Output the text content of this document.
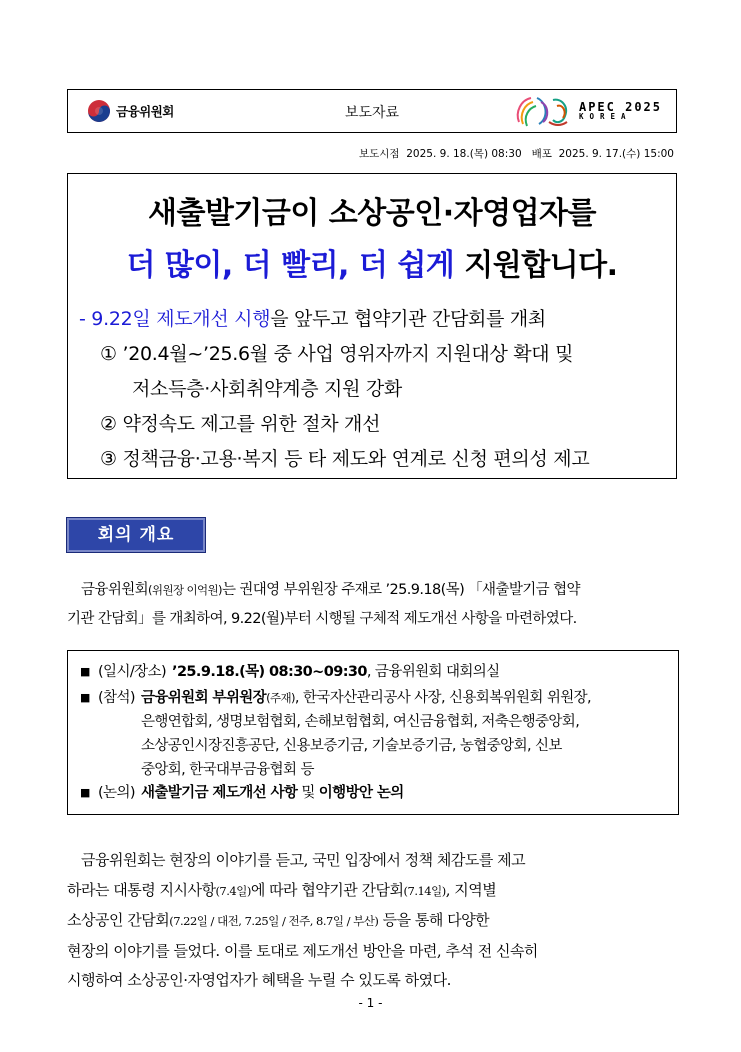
금융위원회	보도자료	APEC 2025
KOREA
보도시점  2025. 9. 18.(목) 08:30   배포  2025. 9. 17.(수) 15:00
새출발기금이 소상공인·자영업자를
더 많이, 더 빨리, 더 쉽게 지원합니다.
- 9.22일 제도개선 시행을 앞두고 협약기관 간담회를 개최
① ’20.4월~’25.6월 중 사업 영위자까지 지원대상 확대 및
저소득층·사회취약계층 지원 강화
② 약정속도 제고를 위한 절차 개선
③ 정책금융·고용·복지 등 타 제도와 연계로 신청 편의성 제고
회의 개요
금융위원회(위원장 이억원)는 권대영 부위원장 주재로 ’25.9.18(목) 「새출발기금 협약
기관 간담회」를 개최하여, 9.22(월)부터 시행될 구체적 제도개선 사항을 마련하였다.
■ (일시/장소) ’25.9.18.(목) 08:30~09:30, 금융위원회 대회의실
■ (참석) 금융위원회 부위원장(주재), 한국자산관리공사 사장, 신용회복위원회 위원장,
은행연합회, 생명보험협회, 손해보험협회, 여신금융협회, 저축은행중앙회,
소상공인시장진흥공단, 신용보증기금, 기술보증기금, 농협중앙회, 신보
중앙회, 한국대부금융협회 등
■ (논의) 새출발기금 제도개선 사항 및 이행방안 논의
금융위원회는 현장의 이야기를 듣고, 국민 입장에서 정책 체감도를 제고
하라는 대통령 지시사항(7.4일)에 따라 협약기관 간담회(7.14일), 지역별
소상공인 간담회(7.22일 / 대전, 7.25일 / 전주, 8.7일 / 부산) 등을 통해 다양한
현장의 이야기를 들었다. 이를 토대로 제도개선 방안을 마련, 추석 전 신속히
시행하여 소상공인·자영업자가 혜택을 누릴 수 있도록 하였다.
- 1 -
